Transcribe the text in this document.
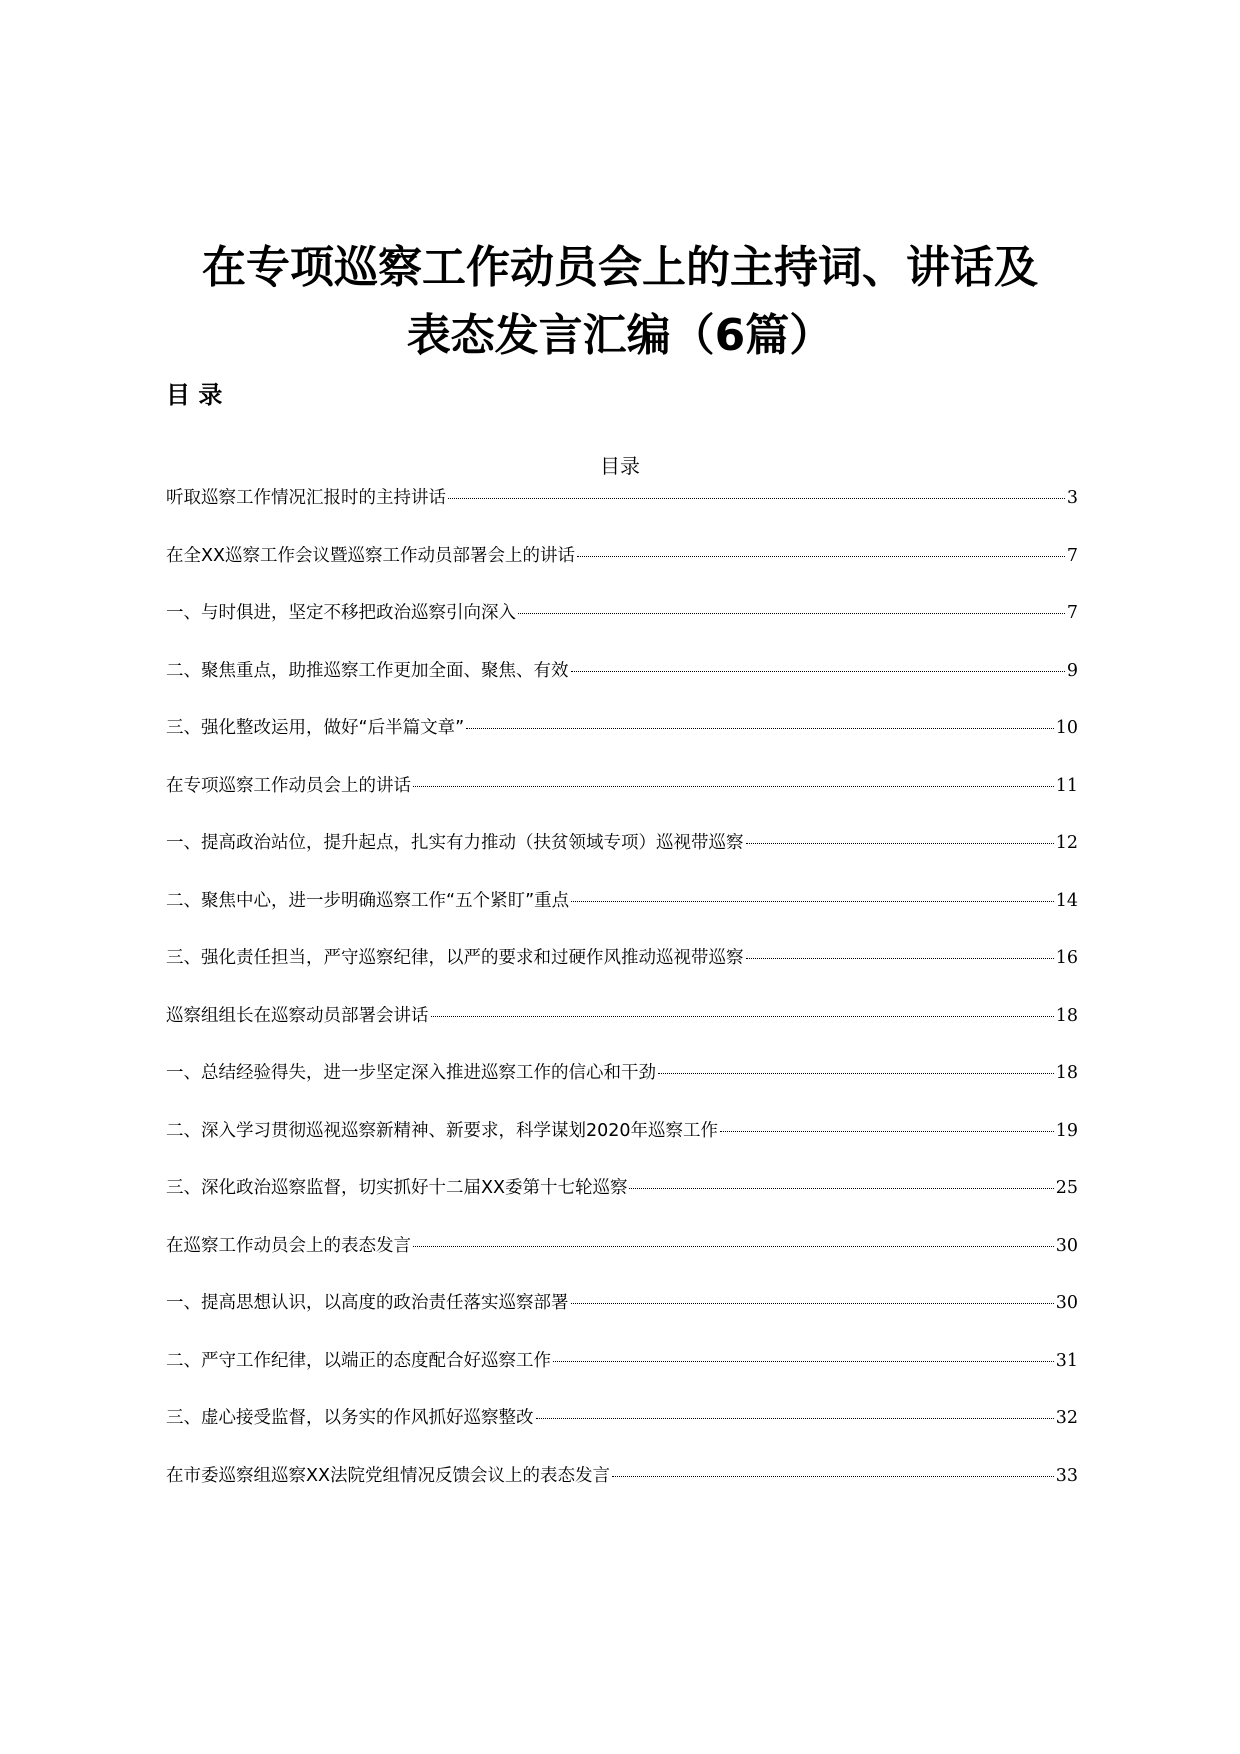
在专项巡察工作动员会上的主持词、讲话及
表态发言汇编（6篇）
目 录
目录
听取巡察工作情况汇报时的主持讲话	3
在全XX巡察工作会议暨巡察工作动员部署会上的讲话	7
一、与时俱进，坚定不移把政治巡察引向深入	7
二、聚焦重点，助推巡察工作更加全面、聚焦、有效	9
三、强化整改运用，做好“后半篇文章”	10
在专项巡察工作动员会上的讲话	11
一、提高政治站位，提升起点，扎实有力推动（扶贫领域专项）巡视带巡察	12
二、聚焦中心，进一步明确巡察工作“五个紧盯”重点	14
三、强化责任担当，严守巡察纪律，以严的要求和过硬作风推动巡视带巡察	16
巡察组组长在巡察动员部署会讲话	18
一、总结经验得失，进一步坚定深入推进巡察工作的信心和干劲	18
二、深入学习贯彻巡视巡察新精神、新要求，科学谋划2020年巡察工作	19
三、深化政治巡察监督，切实抓好十二届XX委第十七轮巡察	25
在巡察工作动员会上的表态发言	30
一、提高思想认识，以高度的政治责任落实巡察部署	30
二、严守工作纪律，以端正的态度配合好巡察工作	31
三、虚心接受监督，以务实的作风抓好巡察整改	32
在市委巡察组巡察XX法院党组情况反馈会议上的表态发言	33
